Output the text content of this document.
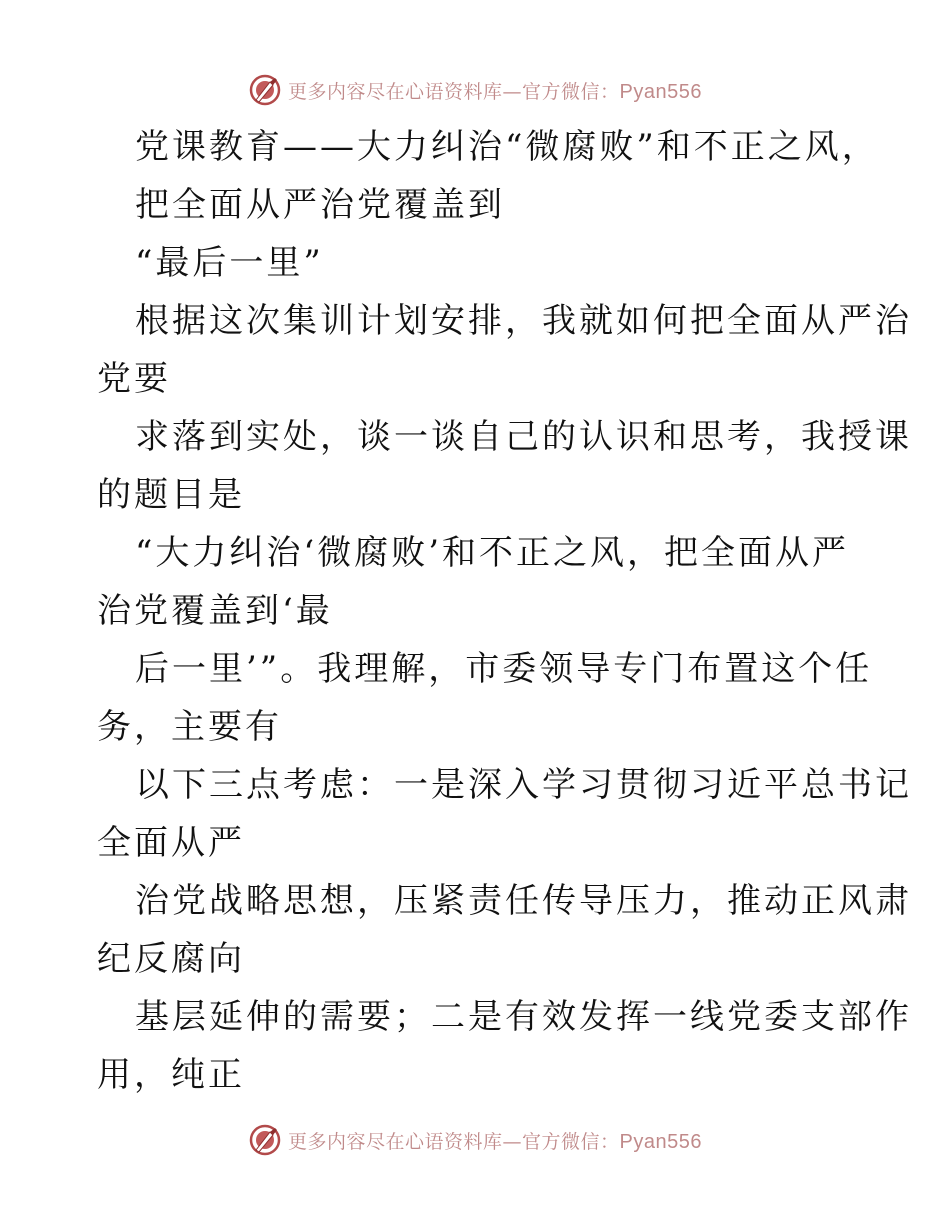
更多内容尽在心语资料库—官方微信：Pyan556
党课教育——大力纠治“微腐败”和不正之风，
把全面从严治党覆盖到
“最后一里”
根据这次集训计划安排，我就如何把全面从严治
党要
求落到实处，谈一谈自己的认识和思考，我授课
的题目是
“大力纠治‘微腐败’和不正之风，把全面从严
治党覆盖到‘最
后一里’”。我理解，市委领导专门布置这个任
务，主要有
以下三点考虑：一是深入学习贯彻习近平总书记
全面从严
治党战略思想，压紧责任传导压力，推动正风肃
纪反腐向
基层延伸的需要；二是有效发挥一线党委支部作
用，纯正
更多内容尽在心语资料库—官方微信：Pyan556
